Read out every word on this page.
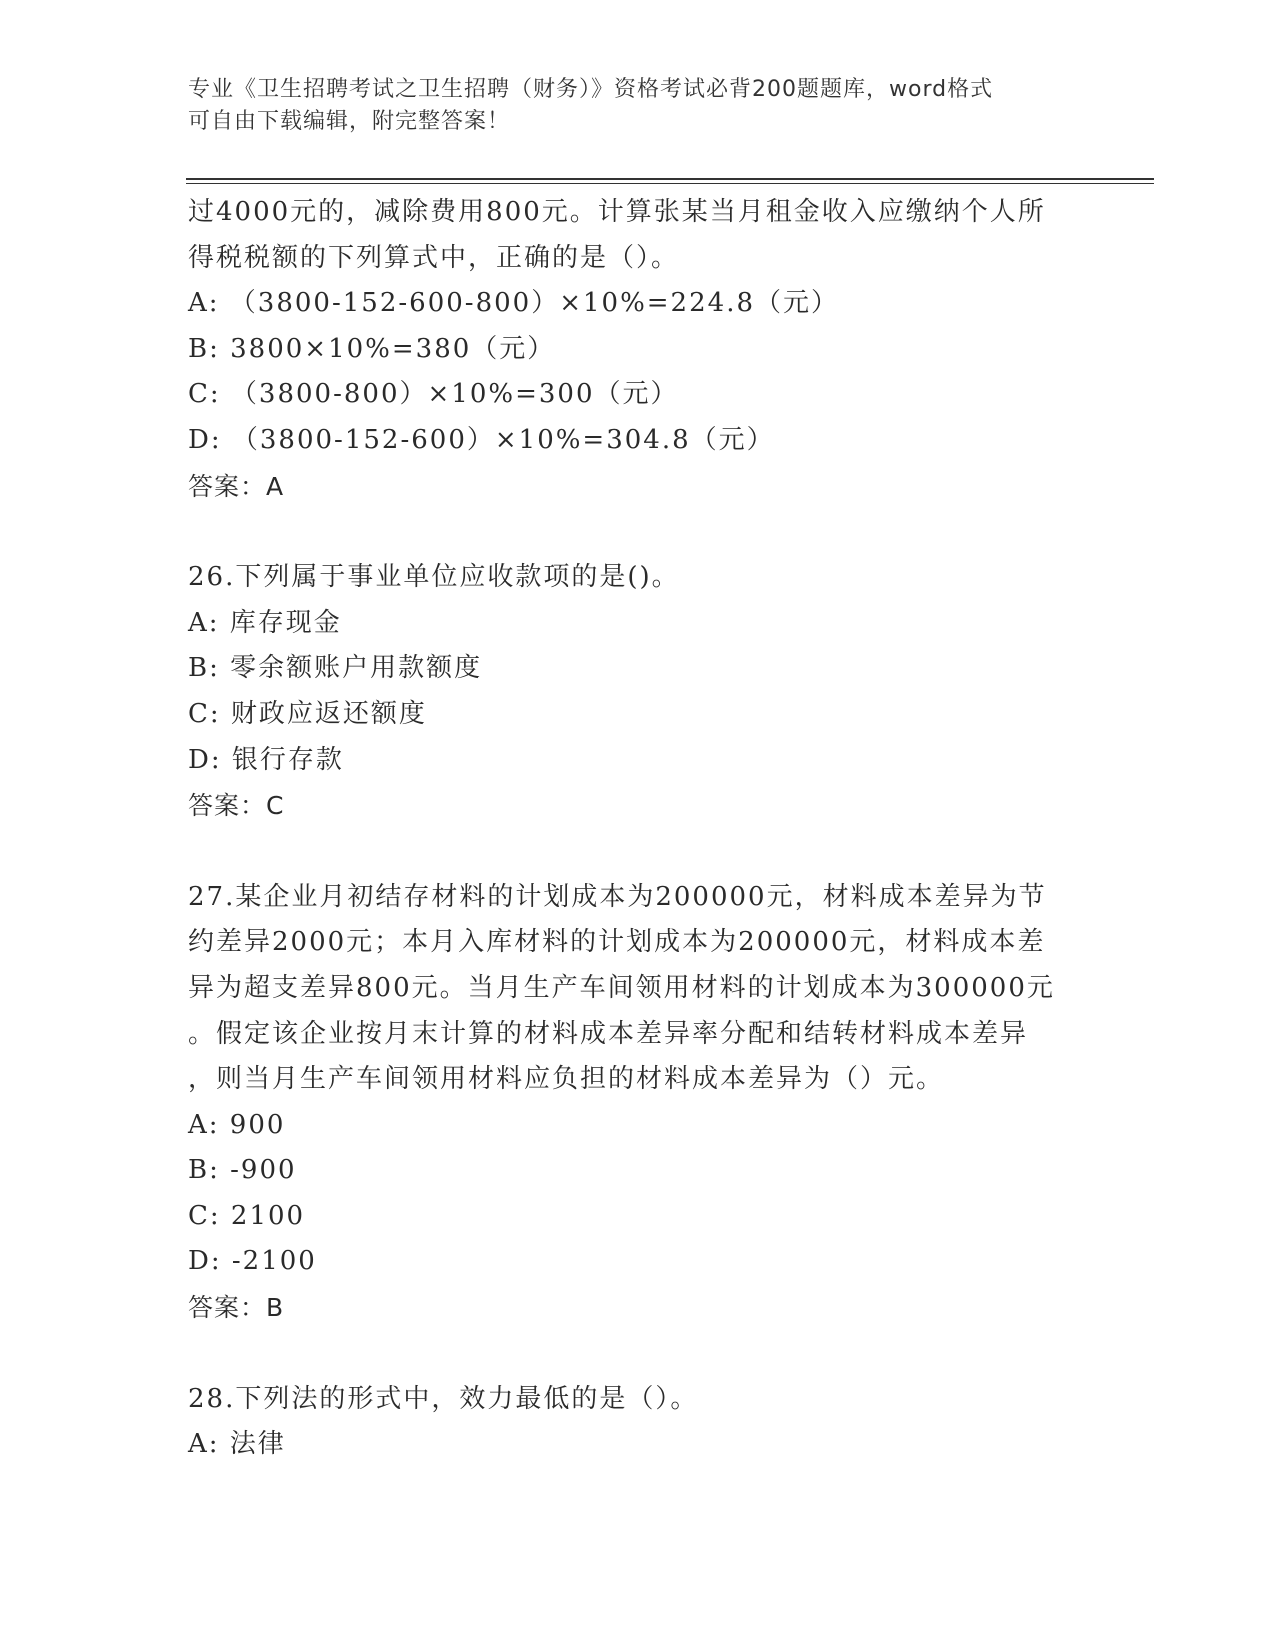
专业《卫生招聘考试之卫生招聘（财务）》资格考试必背200题题库，word格式
可自由下载编辑，附完整答案！
过4000元的，减除费用800元。计算张某当月租金收入应缴纳个人所
得税税额的下列算式中，正确的是（）。
A: （3800-152-600-800）×10%=224.8（元）
B: 3800×10%=380（元）
C: （3800-800）×10%=300（元）
D: （3800-152-600）×10%=304.8（元）
答案：A
26.下列属于事业单位应收款项的是()。
A: 库存现金
B: 零余额账户用款额度
C: 财政应返还额度
D: 银行存款
答案：C
27.某企业月初结存材料的计划成本为200000元，材料成本差异为节
约差异2000元；本月入库材料的计划成本为200000元，材料成本差
异为超支差异800元。当月生产车间领用材料的计划成本为300000元
。假定该企业按月末计算的材料成本差异率分配和结转材料成本差异
，则当月生产车间领用材料应负担的材料成本差异为（）元。
A: 900
B: -900
C: 2100
D: -2100
答案：B
28.下列法的形式中，效力最低的是（）。
A: 法律
